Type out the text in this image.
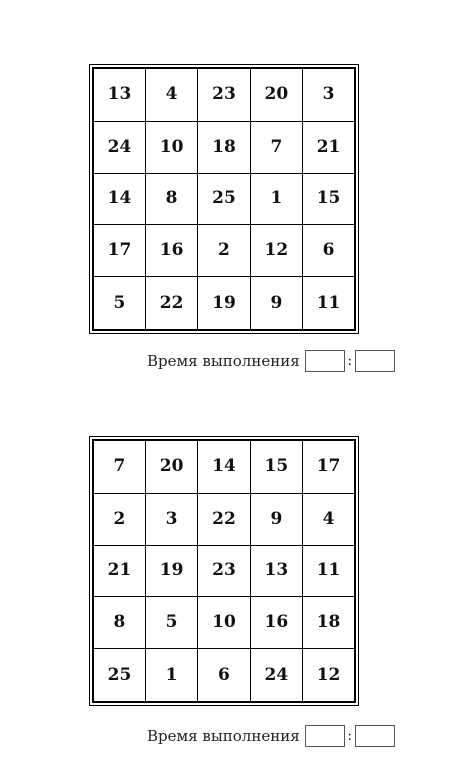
13	4	23	20	3
24	10	18	7	21
14	8	25	1	15
17	16	2	12	6
5	22	19	9	11
Время выполнения	:
7	20	14	15	17
2	3	22	9	4
21	19	23	13	11
8	5	10	16	18
25	1	6	24	12
Время выполнения	:
